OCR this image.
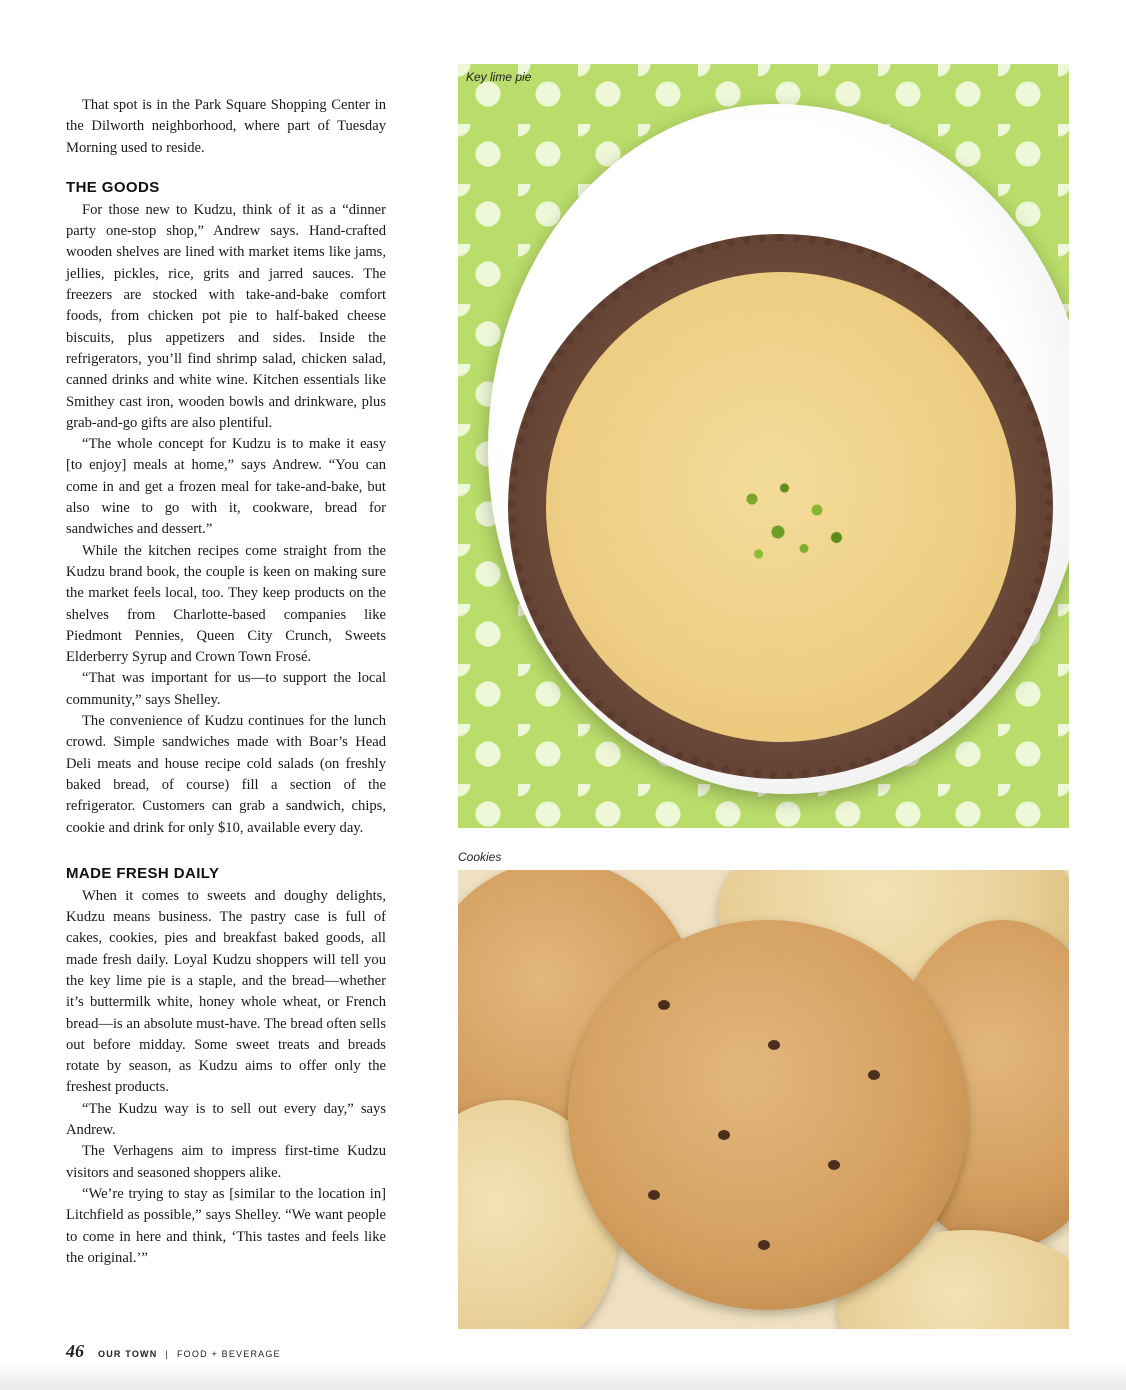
That spot is in the Park Square Shopping Center in the Dilworth neighborhood, where part of Tuesday Morning used to reside.

THE GOODS

For those new to Kudzu, think of it as a “dinner party one-stop shop,” Andrew says. Hand-crafted wooden shelves are lined with market items like jams, jellies, pickles, rice, grits and jarred sauces. The freezers are stocked with take-and-bake comfort foods, from chicken pot pie to half-baked cheese biscuits, plus appetizers and sides. Inside the refrigerators, you’ll find shrimp salad, chicken salad, canned drinks and white wine. Kitchen essentials like Smithey cast iron, wooden bowls and drinkware, plus grab-and-go gifts are also plentiful.

“The whole concept for Kudzu is to make it easy [to enjoy] meals at home,” says Andrew. “You can come in and get a frozen meal for take-and-bake, but also wine to go with it, cookware, bread for sandwiches and dessert.”

While the kitchen recipes come straight from the Kudzu brand book, the couple is keen on making sure the market feels local, too. They keep products on the shelves from Charlotte-based companies like Piedmont Pennies, Queen City Crunch, Sweets Elderberry Syrup and Crown Town Frosé.

“That was important for us—to support the local community,” says Shelley.

The convenience of Kudzu continues for the lunch crowd. Simple sandwiches made with Boar’s Head Deli meats and house recipe cold salads (on freshly baked bread, of course) fill a section of the refrigerator. Customers can grab a sandwich, chips, cookie and drink for only $10, available every day.

MADE FRESH DAILY

When it comes to sweets and doughy delights, Kudzu means business. The pastry case is full of cakes, cookies, pies and breakfast baked goods, all made fresh daily. Loyal Kudzu shoppers will tell you the key lime pie is a staple, and the bread—whether it’s buttermilk white, honey whole wheat, or French bread—is an absolute must-have. The bread often sells out before midday. Some sweet treats and breads rotate by season, as Kudzu aims to offer only the freshest products.

“The Kudzu way is to sell out every day,” says Andrew.

The Verhagens aim to impress first-time Kudzu visitors and seasoned shoppers alike.

“We’re trying to stay as [similar to the location in] Litchfield as possible,” says Shelley. “We want people to come in here and think, ‘This tastes and feels like the original.’”

Key lime pie
Cookies
46 OUR TOWN | FOOD + BEVERAGE
